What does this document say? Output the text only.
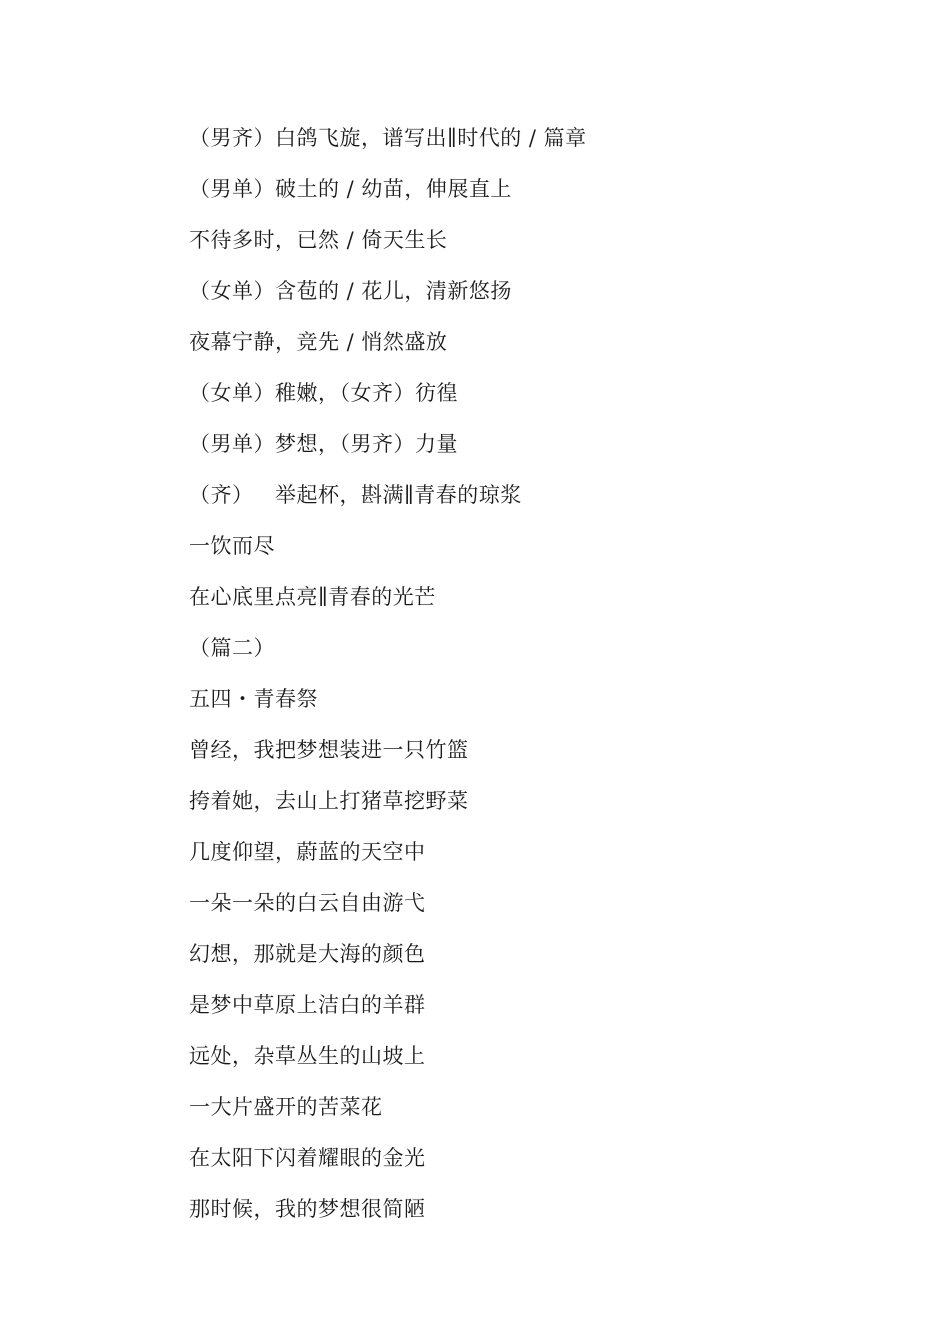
（男齐）白鸽飞旋，谱写出∥时代的 / 篇章
（男单）破土的 / 幼苗，伸展直上
不待多时，已然 / 倚天生长
（女单）含苞的 / 花儿，清新悠扬
夜幕宁静，竞先 / 悄然盛放
（女单）稚嫩，（女齐）彷徨
（男单）梦想，（男齐）力量
（齐）   举起杯，斟满∥青春的琼浆
一饮而尽
在心底里点亮∥青春的光芒
（篇二）
五四・青春祭
曾经，我把梦想装进一只竹篮
挎着她，去山上打猪草挖野菜
几度仰望，蔚蓝的天空中
一朵一朵的白云自由游弋
幻想，那就是大海的颜色
是梦中草原上洁白的羊群
远处，杂草丛生的山坡上
一大片盛开的苦菜花
在太阳下闪着耀眼的金光
那时候，我的梦想很简陋
